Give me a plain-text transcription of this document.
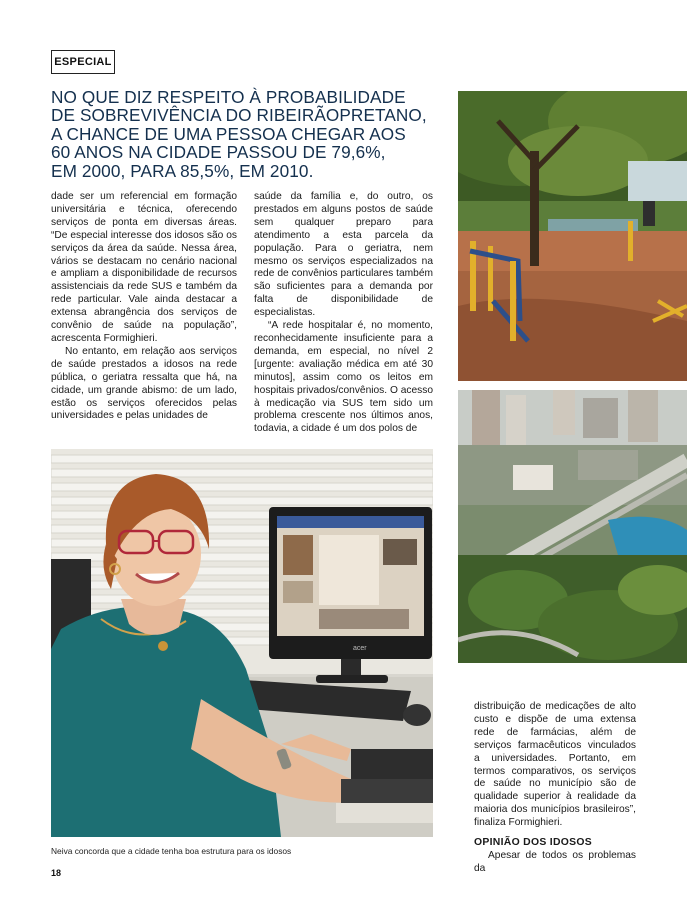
ESPECIAL
NO QUE DIZ RESPEITO À PROBABILIDADE
DE SOBREVIVÊNCIA DO RIBEIRÃOPRETANO,
A CHANCE DE UMA PESSOA CHEGAR AOS
60 ANOS NA CIDADE PASSOU DE 79,6%,
EM 2000, PARA 85,5%, EM 2010.

dade ser um referencial em formação universitária e técnica, oferecendo serviços de ponta em diversas áreas. “De especial interesse dos idosos são os serviços da área da saúde. Nessa área, vários se destacam no cenário nacional e ampliam a disponibilidade de recursos assistenciais da rede SUS e também da rede particular. Vale ainda destacar a extensa abrangência dos serviços de convênio de saúde na população”, acrescenta Formighieri.

No entanto, em relação aos serviços de saúde prestados a idosos na rede pública, o geriatra ressalta que há, na cidade, um grande abismo: de um lado, estão os serviços oferecidos pelas universidades e pelas unidades de

saúde da família e, do outro, os prestados em alguns postos de saúde sem qualquer preparo para atendimento a esta parcela da população. Para o geriatra, nem mesmo os serviços especializados na rede de convênios particulares também são suficientes para a demanda por falta de disponibilidade de especialistas.

“A rede hospitalar é, no momento, reconhecidamente insuficiente para a demanda, em especial, no nível 2 [urgente: avaliação médica em até 30 minutos], assim como os leitos em hospitais privados/convênios. O acesso à medicação via SUS tem sido um problema crescente nos últimos anos, todavia, a cidade é um dos polos de

acer
Neiva concorda que a cidade tenha boa estrutura para os idosos

distribuição de medicações de alto custo e dispõe de uma extensa rede de farmácias, além de serviços farmacêuticos vinculados a universidades. Portanto, em termos comparativos, os serviços de saúde no município são de qualidade superior à realidade da maioria dos municípios brasileiros”, finaliza Formighieri.

OPINIÃO DOS IDOSOS

Apesar de todos os problemas da

18
